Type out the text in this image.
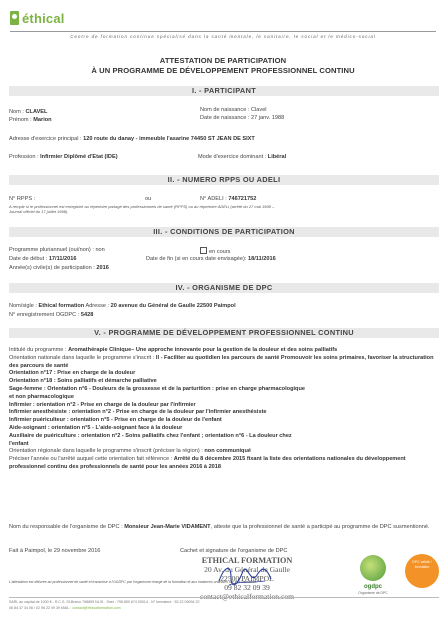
éthical
Centre de formation continue spécialisé dans la santé mentale, le sanitaire, le social et le médico-social
ATTESTATION DE PARTICIPATION
À UN PROGRAMME DE DÉVELOPPEMENT PROFESSIONNEL CONTINU
I. - PARTICIPANT
Nom : CLAVEL
Prénom : Marion
Nom de naissance : Clavel
Date de naissance : 27 janv. 1988
Adresse d'exercice principal : 120 route du danay - immeuble l'asarine 74450 ST JEAN DE SIXT
Profession : Infirmier Diplômé d'Etat (IDE)	Mode d'exercice dominant : Libéral
II. - NUMERO RPPS OU ADELI
N° RPPS :	ou	N° ADELI : 746721752
A remplir si le professionnel est enregistré au répertoire partagé des professionnels de santé (RPPS) ou au répertoire ADELI (arrêté du 27 mai 1998 –
Journal officiel du 17 juillet 1998).
III. - CONDITIONS DE PARTICIPATION
Programme pluriannuel (oui/non) : non	en cours
Date de début : 17/11/2016	Date de fin (si en cours date envisagée): 18/11/2016
Année(s) civile(s) de participation : 2016
IV. - ORGANISME DE DPC
Nom/sigle : Ethical formation Adresse : 20 avenue du Général de Gaulle 22500 Paimpol
N° enregistrement OGDPC : 5428
V. - PROGRAMME DE DÉVELOPPEMENT PROFESSIONNEL CONTINU
Intitulé du programme : Aromathérapie Clinique– Une approche innovante pour la gestion de la douleur et des soins palliatifs
Orientation nationale dans laquelle le programme s'inscrit : II - Faciliter au quotidien les parcours de santé Promouvoir les soins primaires, favoriser la structuration des parcours de santé
Orientation n°17 : Prise en charge de la douleur
Orientation n°18 : Soins palliatifs et démarche palliative
Sage-femme : Orientation n°6 - Douleurs de la grossesse et de la parturition : prise en charge pharmacologique
et non pharmacologique
Infirmier : orientation n°2 - Prise en charge de la douleur par l'infirmier
Infirmier anesthésiste : orientation n°2 - Prise en charge de la douleur par l'infirmier anesthésiste
Infirmier puériculteur : orientation n°5 - Prise en charge de la douleur de l'enfant
Aide-soignant : orientation n°5 - L'aide-soignant face à la douleur
Auxiliaire de puériculture : orientation n°2 - Soins palliatifs chez l'enfant ; orientation n°6 - La douleur chez
l'enfant
Orientation régionale dans laquelle le programme s'inscrit (préciser la région) : non communiqué
Préciser l'année ou l'arrêté auquel cette orientation fait référence : Arrêté du 8 décembre 2015 fixant la liste des orientations nationales du développement professionnel continu des professionnels de santé pour les années 2016 à 2018
Nom du responsable de l'organisme de DPC : Monsieur Jean-Marie VIDAMENT, atteste que la professionnel de santé a participé au programme de DPC susmentionné.
Fait à Paimpol, le 29 novembre 2016	Cachet et signature de l'organisme de DPC
L'attestation est délivrée au professionnel de santé et transmise à l'OGDPC par l'organisme chargé de la formation et aux instances ordinales sur leur demande.
ETHICAL FORMATION
20 Av. du Général de Gaulle
22500 PAIMPOL
09 82 32 09 39
contact@ethicalformation.com
ogdpc
Organisme de DPC
DPC validé / formation
SARL au capital de 1000 € - R.C.S. St-Brieuc 798859 NI-SI - Siret : 798 859 674 00014 - N° formateur : 53 22 09094 22
06 84 37 34 06 / 02 96 22 09 39 MAIL : contact@ethicalformation.com
